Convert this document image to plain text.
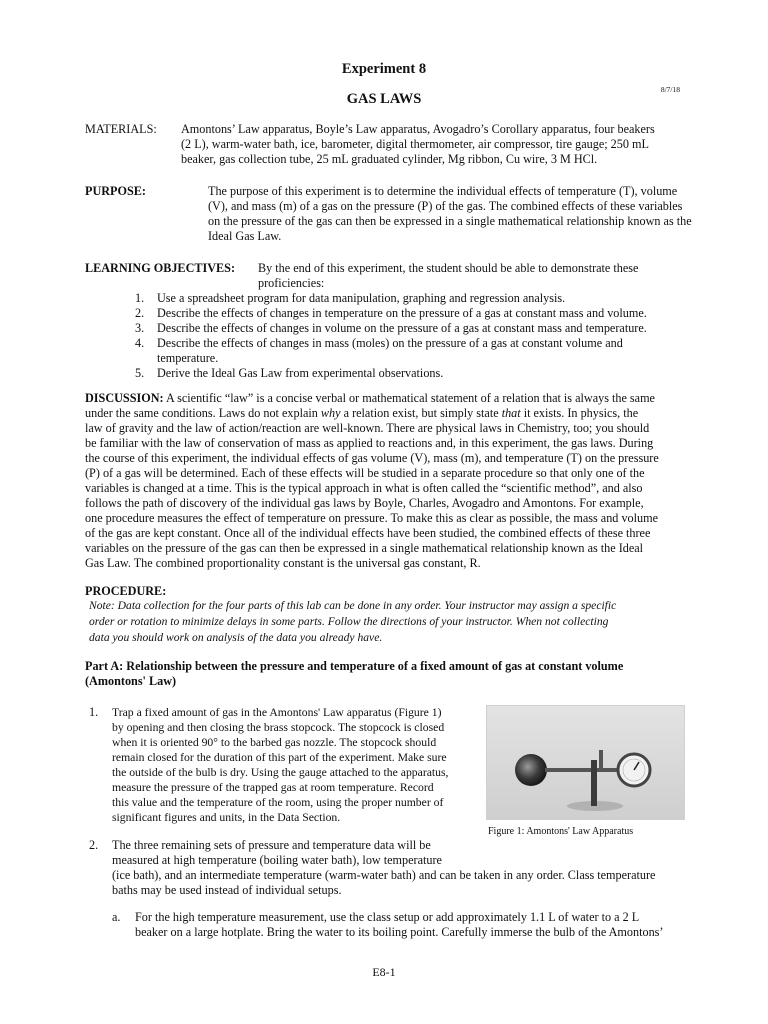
Experiment 8
8/7/18
GAS LAWS
MATERIALS: Amontons’ Law apparatus, Boyle’s Law apparatus, Avogadro’s Corollary apparatus, four beakers
(2 L), warm-water bath, ice, barometer, digital thermometer, air compressor, tire gauge; 250 mL
beaker, gas collection tube, 25 mL graduated cylinder, Mg ribbon, Cu wire, 3 M HCl.
PURPOSE:	The purpose of this experiment is to determine the individual effects of temperature (T), volume
(V), and mass (m) of a gas on the pressure (P) of the gas. The combined effects of these variables
on the pressure of the gas can then be expressed in a single mathematical relationship known as the
Ideal Gas Law.
LEARNING OBJECTIVES: By the end of this experiment, the student should be able to demonstrate these
proficiencies:
1. Use a spreadsheet program for data manipulation, graphing and regression analysis.
2. Describe the effects of changes in temperature on the pressure of a gas at constant mass and volume.
3. Describe the effects of changes in volume on the pressure of a gas at constant mass and temperature.
4. Describe the effects of changes in mass (moles) on the pressure of a gas at constant volume and
temperature.
5. Derive the Ideal Gas Law from experimental observations.
DISCUSSION: A scientific “law” is a concise verbal or mathematical statement of a relation that is always the same
under the same conditions. Laws do not explain why a relation exist, but simply state that it exists. In physics, the
law of gravity and the law of action/reaction are well-known. There are physical laws in Chemistry, too; you should
be familiar with the law of conservation of mass as applied to reactions and, in this experiment, the gas laws. During
the course of this experiment, the individual effects of gas volume (V), mass (m), and temperature (T) on the pressure
(P) of a gas will be determined. Each of these effects will be studied in a separate procedure so that only one of the
variables is changed at a time. This is the typical approach in what is often called the “scientific method”, and also
follows the path of discovery of the individual gas laws by Boyle, Charles, Avogadro and Amontons. For example,
one procedure measures the effect of temperature on pressure. To make this as clear as possible, the mass and volume
of the gas are kept constant. Once all of the individual effects have been studied, the combined effects of these three
variables on the pressure of the gas can then be expressed in a single mathematical relationship known as the Ideal
Gas Law. The combined proportionality constant is the universal gas constant, R.
PROCEDURE:
Note: Data collection for the four parts of this lab can be done in any order. Your instructor may assign a specific
order or rotation to minimize delays in some parts. Follow the directions of your instructor. When not collecting
data you should work on analysis of the data you already have.
Part A: Relationship between the pressure and temperature of a fixed amount of gas at constant volume
(Amontons' Law)
1. Trap a fixed amount of gas in the Amontons' Law apparatus (Figure 1)
by opening and then closing the brass stopcock. The stopcock is closed
when it is oriented 90° to the barbed gas nozzle. The stopcock should
remain closed for the duration of this part of the experiment. Make sure
the outside of the bulb is dry. Using the gauge attached to the apparatus,
measure the pressure of the trapped gas at room temperature. Record
this value and the temperature of the room, using the proper number of
significant figures and units, in the Data Section.
Figure 1: Amontons' Law Apparatus
2. The three remaining sets of pressure and temperature data will be
measured at high temperature (boiling water bath), low temperature
(ice bath), and an intermediate temperature (warm-water bath) and can be taken in any order. Class temperature
baths may be used instead of individual setups.
a. For the high temperature measurement, use the class setup or add approximately 1.1 L of water to a 2 L
beaker on a large hotplate. Bring the water to its boiling point. Carefully immerse the bulb of the Amontons’
E8-1
